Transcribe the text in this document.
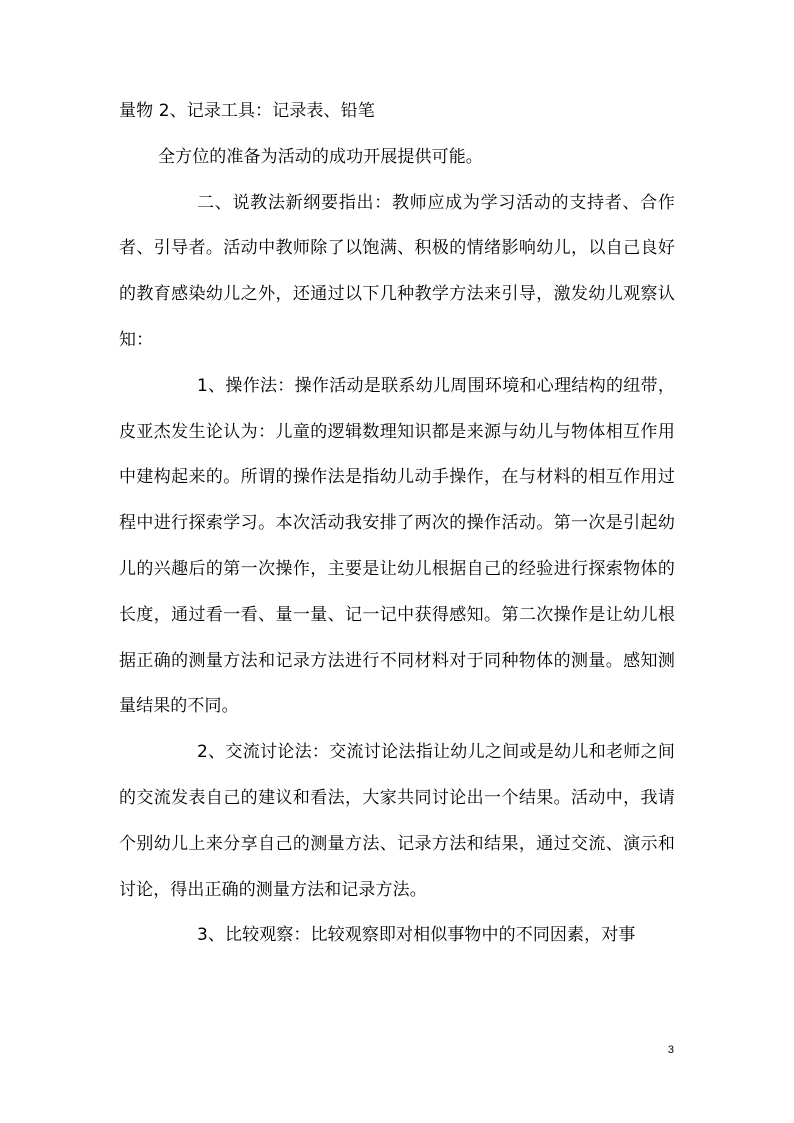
量物 2、记录工具：记录表、铅笔

全方位的准备为活动的成功开展提供可能。

二、说教法新纲要指出：教师应成为学习活动的支持者、合作者、引导者。活动中教师除了以饱满、积极的情绪影响幼儿，以自己良好的教育感染幼儿之外，还通过以下几种教学方法来引导，激发幼儿观察认知：

1、操作法：操作活动是联系幼儿周围环境和心理结构的纽带，皮亚杰发生论认为：儿童的逻辑数理知识都是来源与幼儿与物体相互作用中建构起来的。所谓的操作法是指幼儿动手操作，在与材料的相互作用过程中进行探索学习。本次活动我安排了两次的操作活动。第一次是引起幼儿的兴趣后的第一次操作，主要是让幼儿根据自己的经验进行探索物体的长度，通过看一看、量一量、记一记中获得感知。第二次操作是让幼儿根据正确的测量方法和记录方法进行不同材料对于同种物体的测量。感知测量结果的不同。

2、交流讨论法：交流讨论法指让幼儿之间或是幼儿和老师之间的交流发表自己的建议和看法，大家共同讨论出一个结果。活动中，我请个别幼儿上来分享自己的测量方法、记录方法和结果，通过交流、演示和讨论，得出正确的测量方法和记录方法。

3、比较观察：比较观察即对相似事物中的不同因素，对事

3
